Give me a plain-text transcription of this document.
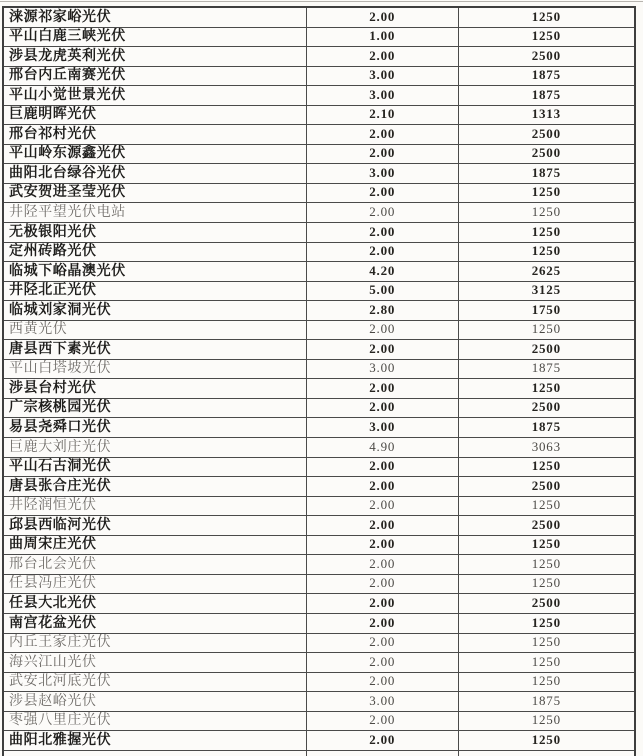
涞源祁家峪光伏	2.00	1250
平山白鹿三峡光伏	1.00	1250
涉县龙虎英利光伏	2.00	2500
邢台内丘南赛光伏	3.00	1875
平山小觉世景光伏	3.00	1875
巨鹿明晖光伏	2.10	1313
邢台祁村光伏	2.00	2500
平山岭东源鑫光伏	2.00	2500
曲阳北台绿谷光伏	3.00	1875
武安贺进圣莹光伏	2.00	1250
井陉平望光伏电站	2.00	1250
无极银阳光伏	2.00	1250
定州砖路光伏	2.00	1250
临城下峪晶澳光伏	4.20	2625
井陉北正光伏	5.00	3125
临城刘家洞光伏	2.80	1750
西黄光伏	2.00	1250
唐县西下素光伏	2.00	2500
平山白塔坡光伏	3.00	1875
涉县台村光伏	2.00	1250
广宗核桃园光伏	2.00	2500
易县尧舜口光伏	3.00	1875
巨鹿大刘庄光伏	4.90	3063
平山石古洞光伏	2.00	1250
唐县张合庄光伏	2.00	2500
井陉润恒光伏	2.00	1250
邱县西临河光伏	2.00	2500
曲周宋庄光伏	2.00	1250
邢台北会光伏	2.00	1250
任县冯庄光伏	2.00	1250
任县大北光伏	2.00	2500
南宫花盆光伏	2.00	1250
内丘王家庄光伏	2.00	1250
海兴江山光伏	2.00	1250
武安北河底光伏	2.00	1250
涉县赵峪光伏	3.00	1875
枣强八里庄光伏	2.00	1250
曲阳北雅握光伏	2.00	1250
